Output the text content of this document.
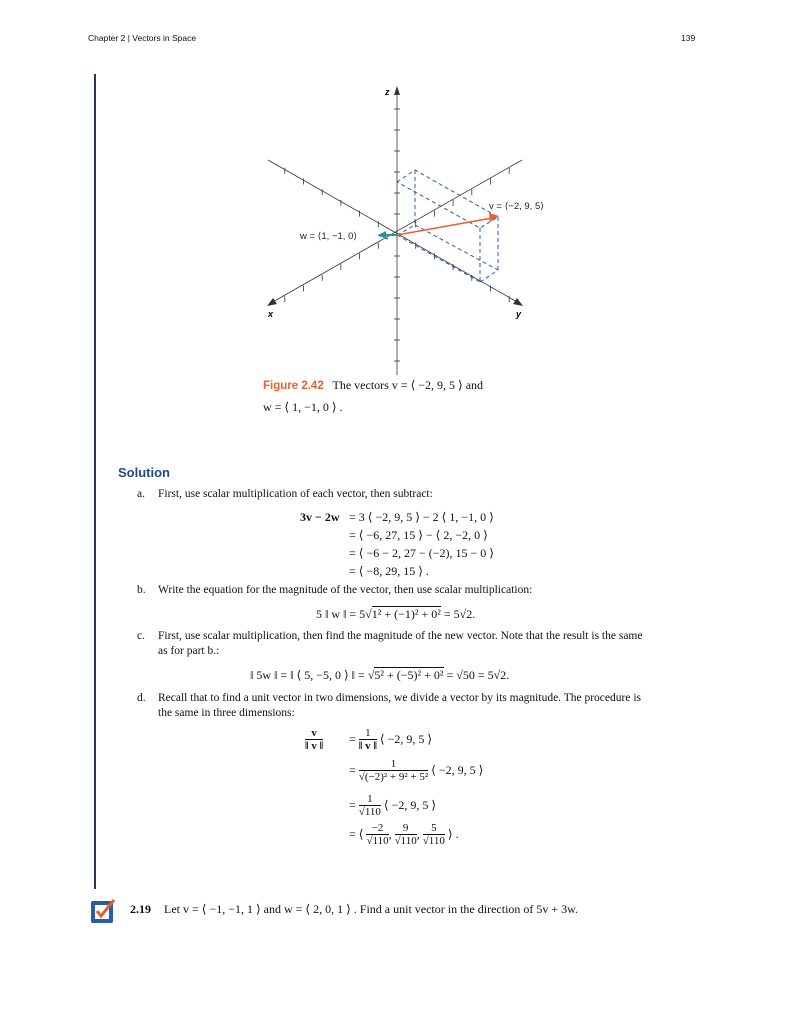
Chapter 2 | Vectors in Space	139
z
y
x
w = ⟨1, −1, 0⟩
v = ⟨−2, 9, 5⟩
Figure 2.42 The vectors v = ⟨ −2, 9, 5 ⟩ and
w = ⟨ 1, −1, 0 ⟩ .
Solution
a. First, use scalar multiplication of each vector, then subtract:
3v − 2w = 3 ⟨ −2, 9, 5 ⟩ − 2 ⟨ 1, −1, 0 ⟩
= ⟨ −6, 27, 15 ⟩ − ⟨ 2, −2, 0 ⟩
= ⟨ −6 − 2, 27 − (−2), 15 − 0 ⟩
= ⟨ −8, 29, 15 ⟩ .
b. Write the equation for the magnitude of the vector, then use scalar multiplication:
5 ‖ w ‖ = 5√1² + (−1)² + 0² = 5√2.
c. First, use scalar multiplication, then find the magnitude of the new vector. Note that the result is the same
as for part b.:
‖ 5w ‖ = ‖ ⟨ 5, −5, 0 ⟩ ‖ = √5² + (−5)² + 0² = √50 = 5√2.
d. Recall that to find a unit vector in two dimensions, we divide a vector by its magnitude. The procedure is
the same in three dimensions:
$\frac{v}{‖ v ‖} = \frac{1}{‖ v ‖}$ ⟨ −2, 9, 5 ⟩
= $\frac{1}{\text{√(−2)² + 9² + 5²}}$ ⟨ −2, 9, 5 ⟩
= $\frac{1}{√110}$ ⟨ −2, 9, 5 ⟩
= ⟨ $\frac{-2}{√110}$ , $\frac{9}{√110}$ , $\frac{5}{√110}$ ⟩ .
2.19 Let v = ⟨ −1, −1, 1 ⟩ and w = ⟨ 2, 0, 1 ⟩ . Find a unit vector in the direction of 5v + 3w.
